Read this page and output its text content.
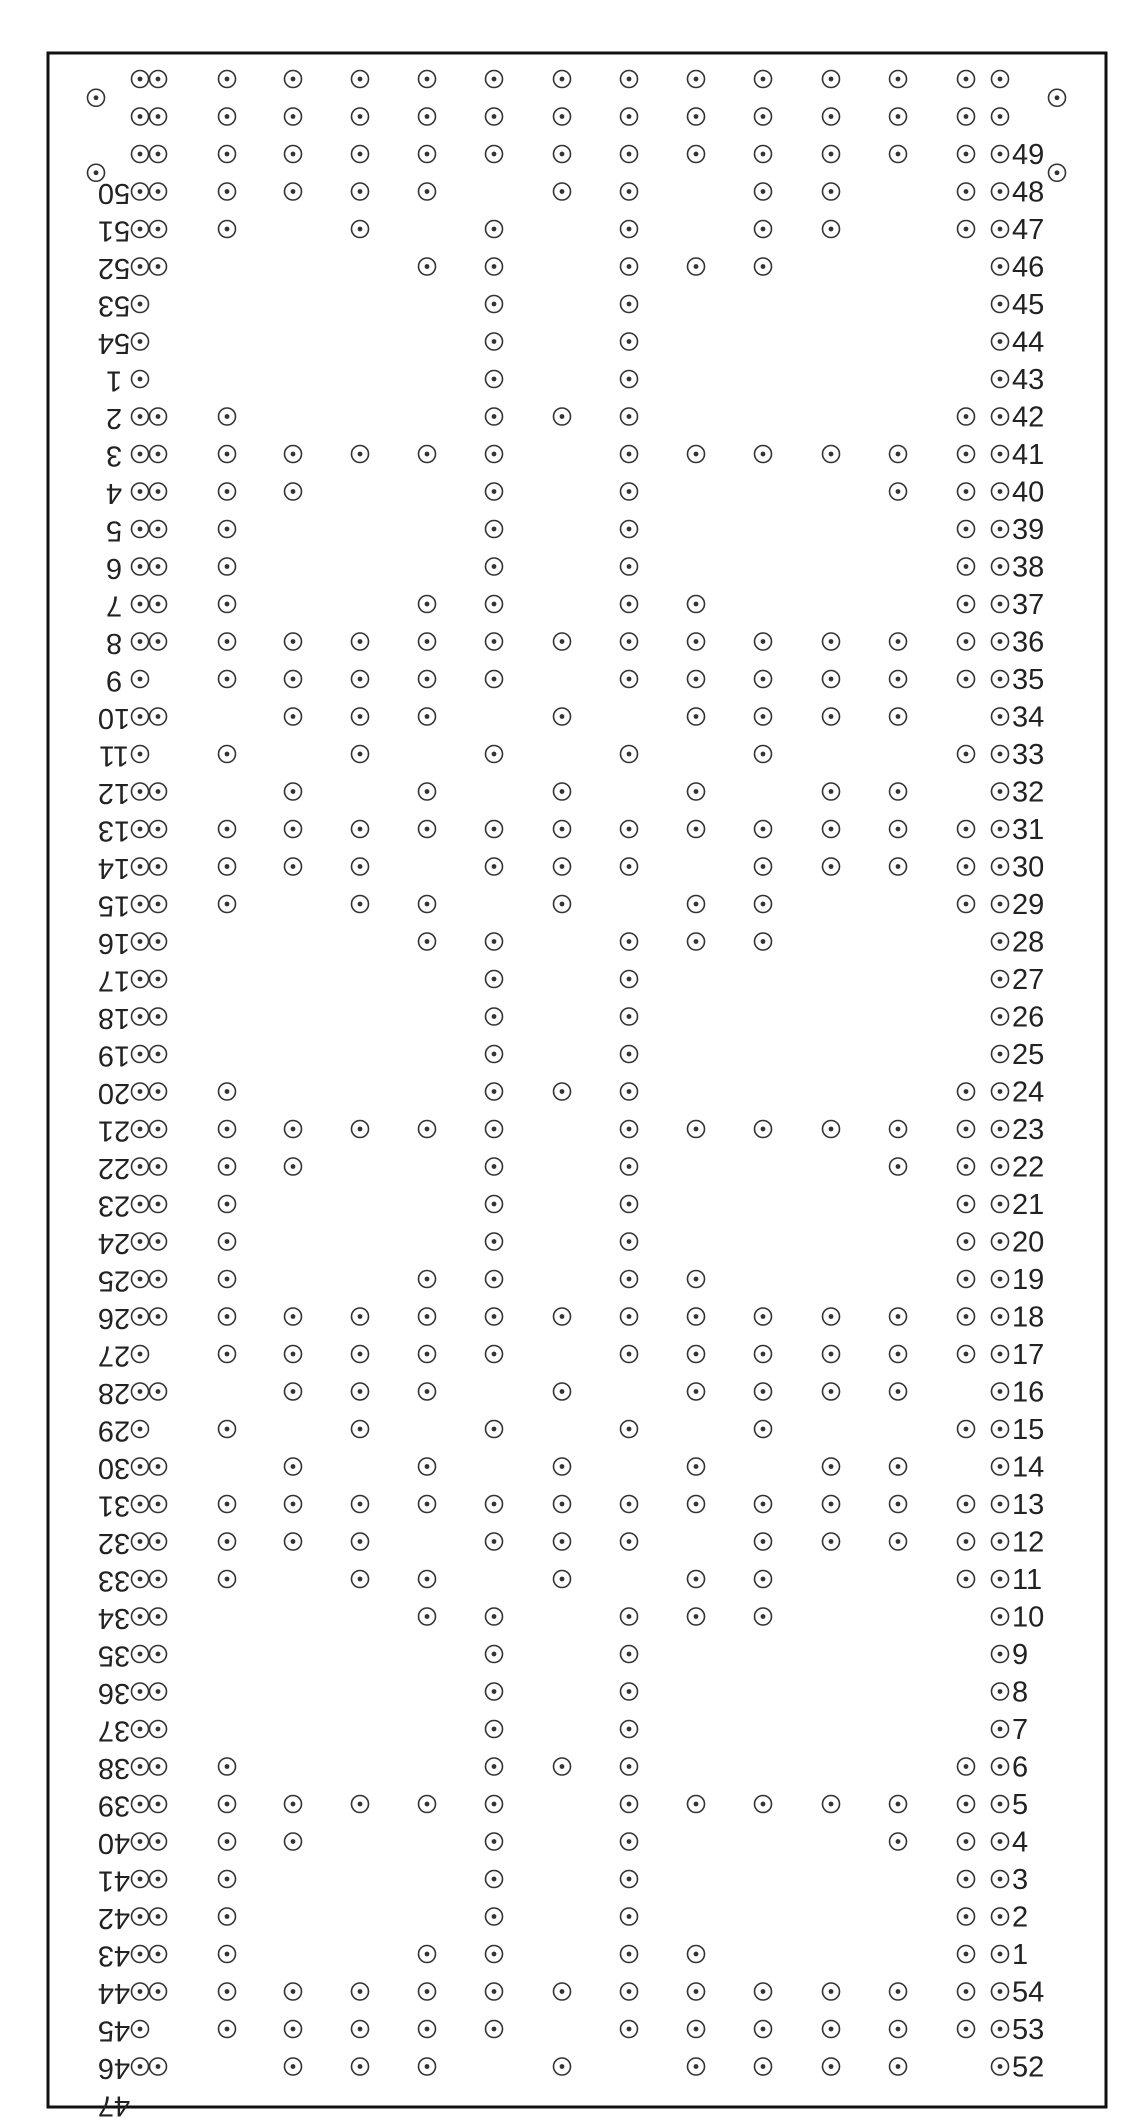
50
49
51
48
52
47
53
46
54
45
1
44
2
43
3
42
4
41
5
40
6
39
7
38
8
37
9
36
10
35
11
34
12
33
13
32
14
31
15
30
16
29
17
28
18
27
19
26
20
25
21
24
22
23
23
22
24
21
25
20
26
19
27
18
28
17
29
16
30
15
31
14
32
13
33
12
34
11
35
10
36
9
37
8
38
7
39
6
40
5
41
4
42
3
43
2
44
1
45
54
46
53
47
52
